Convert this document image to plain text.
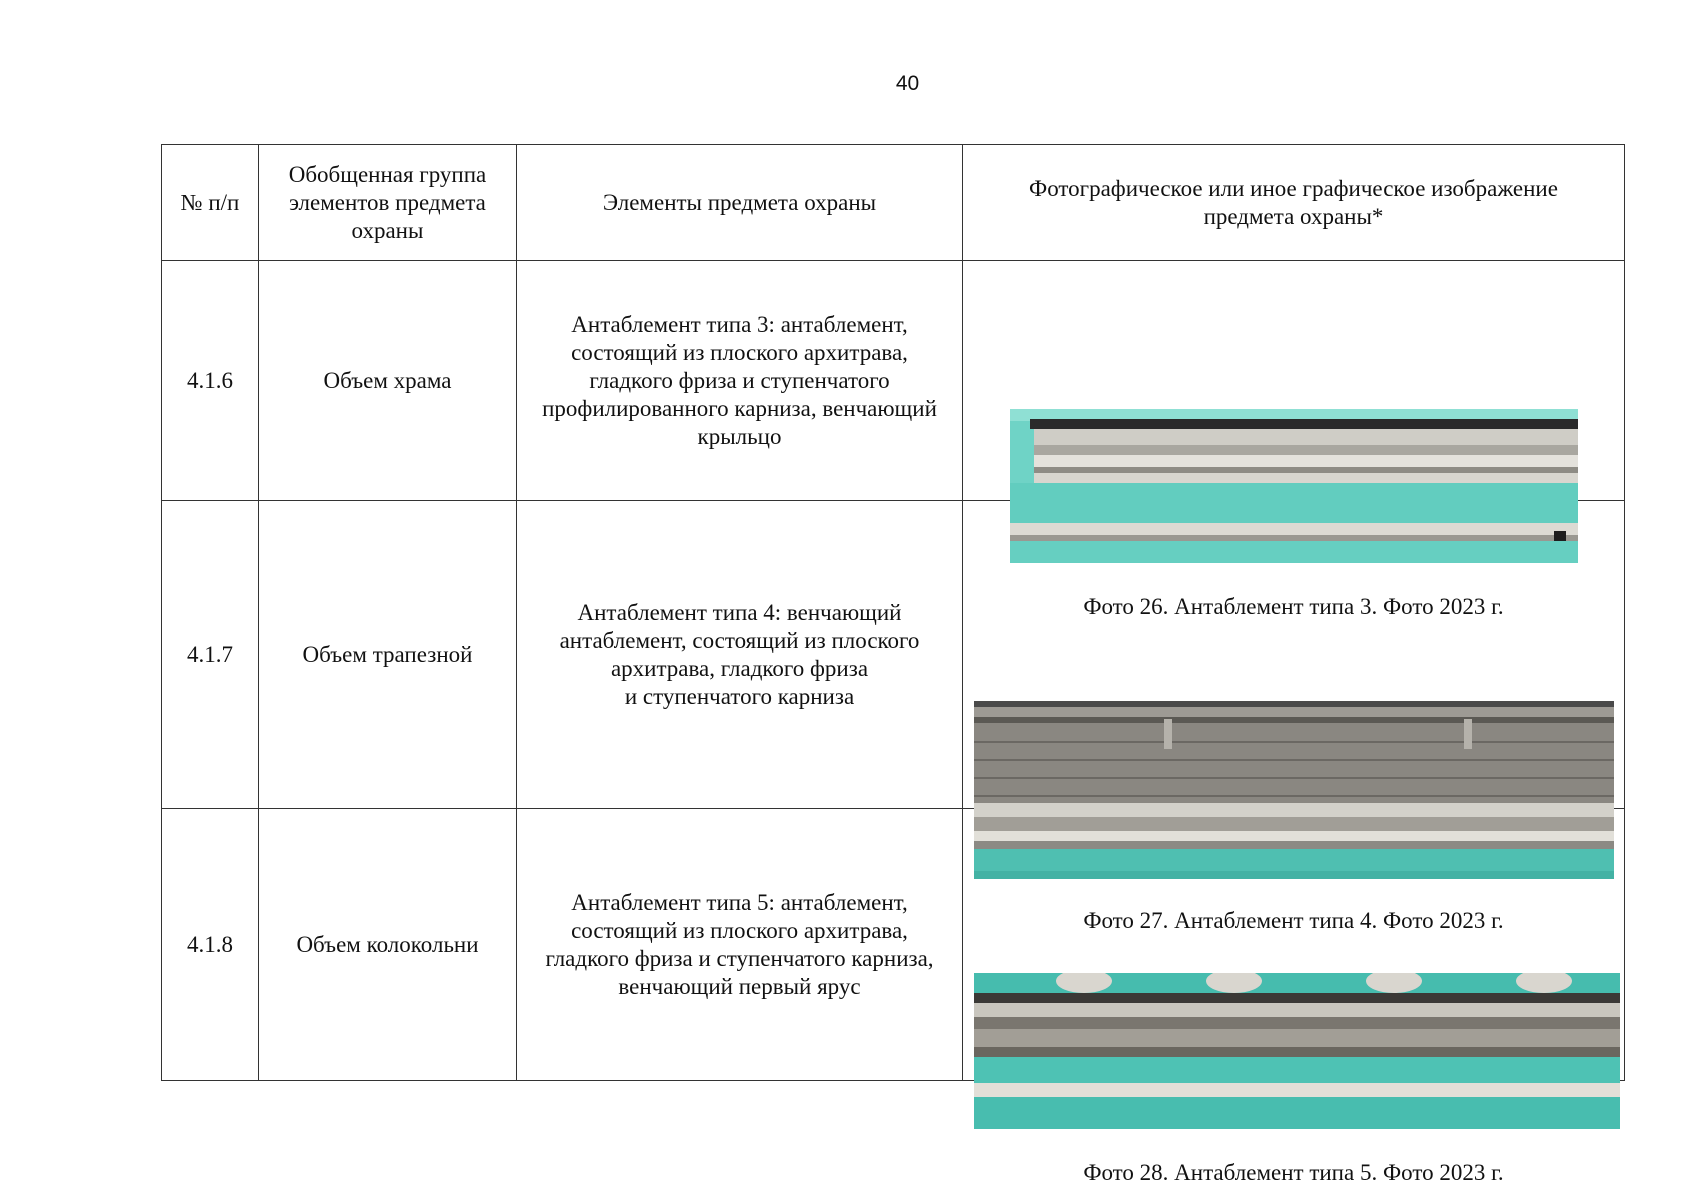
40
№ п/п	Обобщенная группа элементов предмета охраны	Элементы предмета охраны	Фотографическое или иное графическое изображение предмета охраны*
4.1.6	Объем храма	Антаблемент типа 3: антаблемент, состоящий из плоского архитрава, гладкого фриза и ступенчатого профилированного карниза, венчающий крыльцо	Фото 26. Антаблемент типа 3. Фото 2023 г.

4.1.7	Объем трапезной	Антаблемент типа 4: венчающий антаблемент, состоящий из плоского архитрава, гладкого фриза
и ступенчатого карниза	Фото 27. Антаблемент типа 4. Фото 2023 г.

4.1.8	Объем колокольни	Антаблемент типа 5: антаблемент, состоящий из плоского архитрава, гладкого фриза и ступенчатого карниза, венчающий первый ярус	Фото 28. Антаблемент типа 5. Фото 2023 г.
